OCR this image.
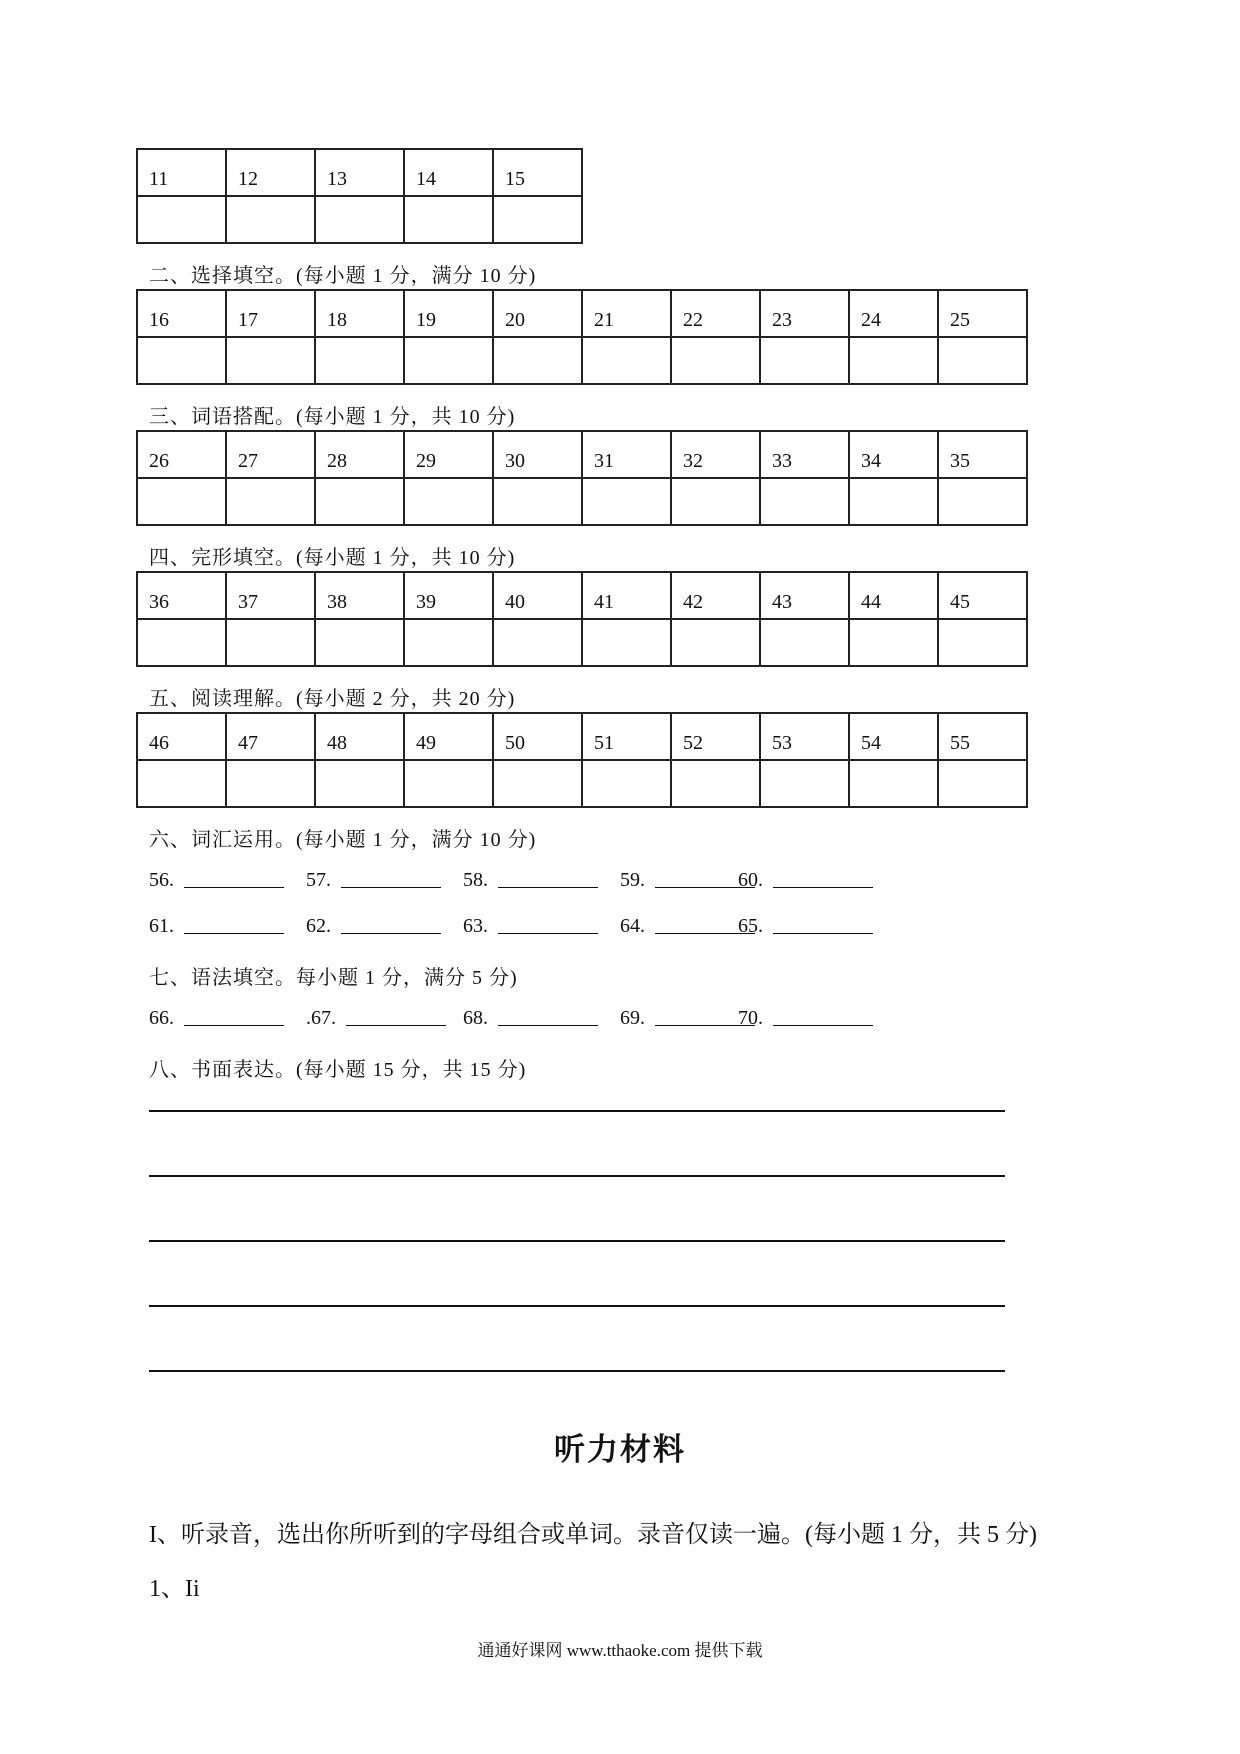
11	12	13	14	15

二、选择填空。(每小题 1 分，满分 10 分)
16	17	18	19	20	21	22	23	24	25

三、词语搭配。(每小题 1 分，共 10 分)
26	27	28	29	30	31	32	33	34	35

四、完形填空。(每小题 1 分，共 10 分)
36	37	38	39	40	41	42	43	44	45

五、阅读理解。(每小题 2 分，共 20 分)
46	47	48	49	50	51	52	53	54	55

六、词汇运用。(每小题 1 分，满分 10 分)
56.	57.	58.	59.	60.
61.	62.	63.	64.	65.
七、语法填空。每小题 1 分，满分 5 分)
66.	.67.	68.	69.	70.
八、书面表达。(每小题 15 分，共 15 分)
听力材料
I、听录音，选出你所听到的字母组合或单词。录音仅读一遍。(每小题 1 分，共 5 分)
1、Ii
通通好课网 www.tthaoke.com 提供下载
